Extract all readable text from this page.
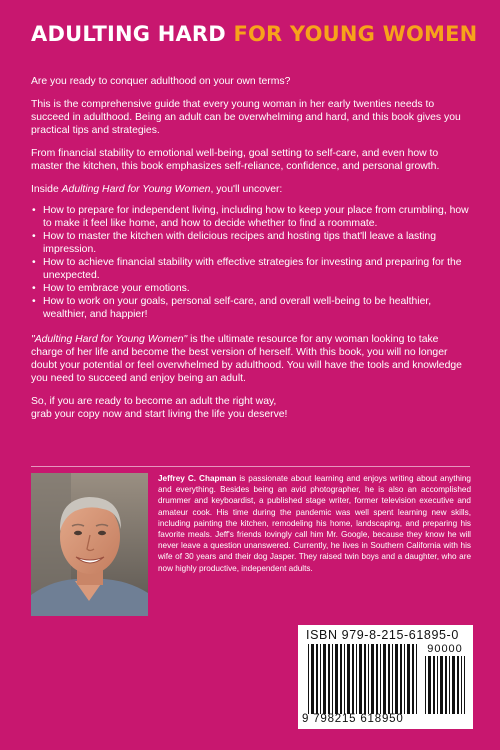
ADULTING HARD FOR YOUNG WOMEN

Are you ready to conquer adulthood on your own terms?

This is the comprehensive guide that every young woman in her early twenties needs to succeed in adulthood. Being an adult can be overwhelming and hard, and this book gives you practical tips and strategies.

From financial stability to emotional well-being, goal setting to self-care, and even how to master the kitchen, this book emphasizes self-reliance, confidence, and personal growth.

Inside Adulting Hard for Young Women, you'll uncover:

• How to prepare for independent living, including how to keep your place from crumbling, how to make it feel like home, and how to decide whether to find a roommate.
• How to master the kitchen with delicious recipes and hosting tips that'll leave a lasting impression.
• How to achieve financial stability with effective strategies for investing and preparing for the unexpected.
• How to embrace your emotions.
• How to work on your goals, personal self-care, and overall well-being to be healthier, wealthier, and happier!

"Adulting Hard for Young Women" is the ultimate resource for any woman looking to take charge of her life and become the best version of herself. With this book, you will no longer doubt your potential or feel overwhelmed by adulthood. You will have the tools and knowledge you need to succeed and enjoy being an adult.

So, if you are ready to become an adult the right way,
grab your copy now and start living the life you deserve!

Jeffrey C. Chapman is passionate about learning and enjoys writing about anything and everything. Besides being an avid photographer, he is also an accomplished drummer and keyboardist, a published stage writer, former television executive and amateur cook. His time during the pandemic was well spent learning new skills, including painting the kitchen, remodeling his home, landscaping, and preparing his favorite meals. Jeff's friends lovingly call him Mr. Google, because they know he will never leave a question unanswered. Currently, he lives in Southern California with his wife of 30 years and their dog Jasper. They raised twin boys and a daughter, who are now highly productive, independent adults.

ISBN 979-8-215-61895-0
90000
9 798215 618950
